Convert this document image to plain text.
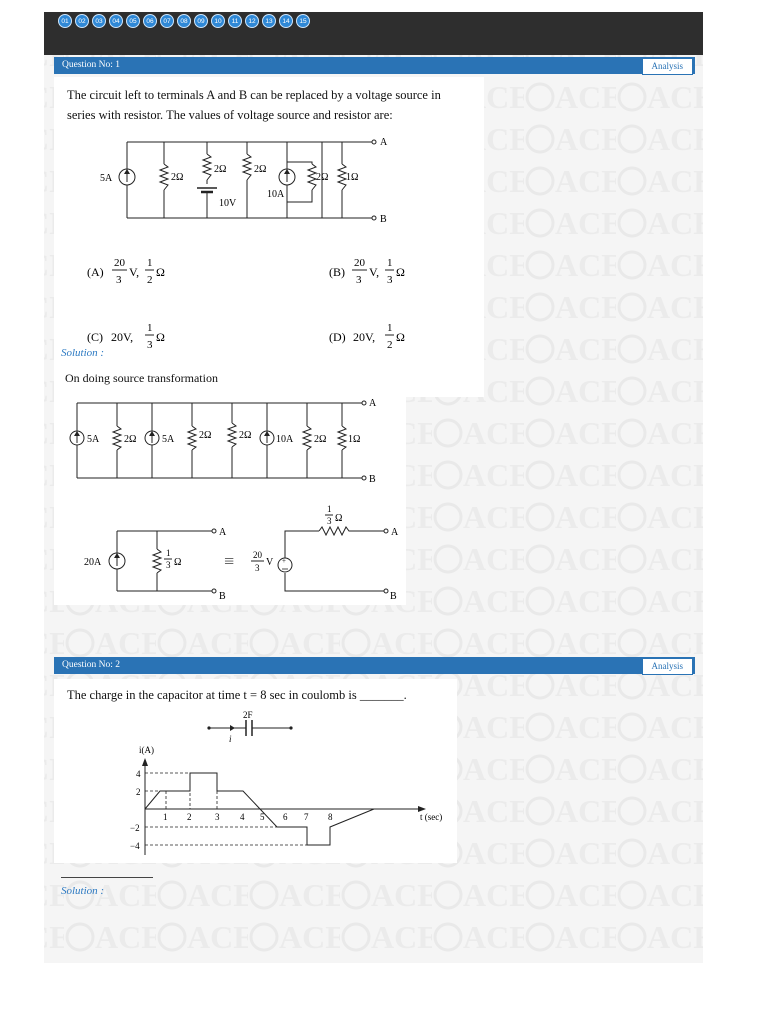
01	02	03	04	05	06	07	08	09	10	11	12	13	14	15
Question No: 1	Analysis
The circuit left to terminals A and B can be replaced by a voltage source in
series with resistor. The values of voltage source and resistor are:
5A	2Ω
2Ω
10V
2Ω
10A
2Ω 1Ω
A
B
(A)
20
3
V,
1
2
Ω	(B)
20
3
V,
1
3
Ω
(C) 20V,
1
3
Ω	(D) 20V,
1
2
Ω
Solution :
On doing source transformation
5A 2Ω	5A 2Ω	2Ω 10A 2Ω 1Ω
A
B
20A
1
3 Ω
A
B
≡ 20
3 V +
1
3 Ω
A
B
Question No: 2	Analysis
The charge in the capacitor at time t = 8 sec in coulomb is _______.
2F
i
i(A)
t (sec)
4
2
−2
−4
1 2	3 4 5 6 7 8
Solution :
